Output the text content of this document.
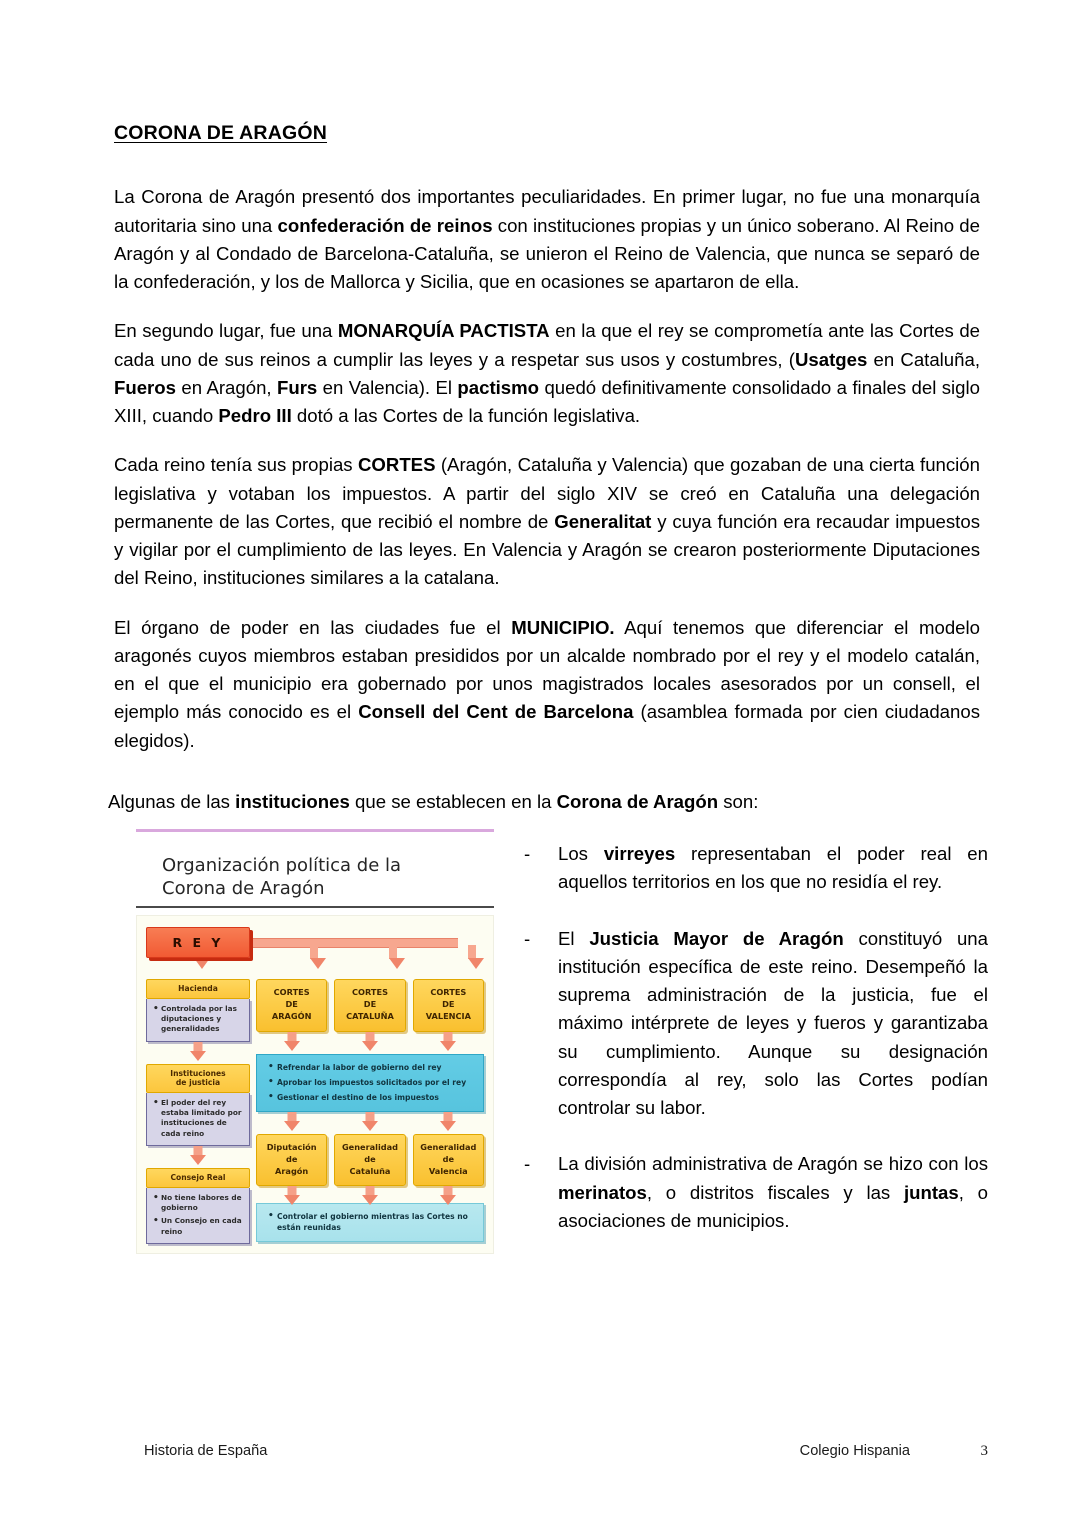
CORONA DE ARAGÓN

La Corona de Aragón presentó dos importantes peculiaridades. En primer lugar, no fue una monarquía autoritaria sino una confederación de reinos con instituciones propias y un único soberano. Al Reino de Aragón y al Condado de Barcelona-Cataluña, se unieron el Reino de Valencia, que nunca se separó de la confederación, y los de Mallorca y Sicilia, que en ocasiones se apartaron de ella.

En segundo lugar, fue una MONARQUÍA PACTISTA en la que el rey se comprometía ante las Cortes de cada uno de sus reinos a cumplir las leyes y a respetar sus usos y costumbres, (Usatges en Cataluña, Fueros en Aragón, Furs en Valencia). El pactismo quedó definitivamente consolidado a finales del siglo XIII, cuando Pedro III dotó a las Cortes de la función legislativa.

Cada reino tenía sus propias CORTES (Aragón, Cataluña y Valencia) que gozaban de una cierta función legislativa y votaban los impuestos. A partir del siglo XIV se creó en Cataluña una delegación permanente de las Cortes, que recibió el nombre de Generalitat y cuya función era recaudar impuestos y vigilar por el cumplimiento de las leyes. En Valencia y Aragón se crearon posteriormente Diputaciones del Reino, instituciones similares a la catalana.

El órgano de poder en las ciudades fue el MUNICIPIO. Aquí tenemos que diferenciar el modelo aragonés cuyos miembros estaban presididos por un alcalde nombrado por el rey y el modelo catalán, en el que el municipio era gobernado por unos magistrados locales asesorados por un consell, el ejemplo más conocido es el Consell del Cent de Barcelona (asamblea formada por cien ciudadanos elegidos).

Algunas de las instituciones que se establecen en la Corona de Aragón son:
Organización política de la
Corona de Aragón
R E Y
Hacienda
• Controlada por las diputaciones y generalidades
Instituciones
de justicia
• El poder del rey estaba limitado por instituciones de cada reino
Consejo Real
• No tiene labores de gobierno
• Un Consejo en cada reino
CORTES
DE
ARAGÓN
CORTES
DE
CATALUÑA
CORTES
DE
VALENCIA
• Refrendar la labor de gobierno del rey
• Aprobar los impuestos solicitados por el rey
• Gestionar el destino de los impuestos
Diputación
de
Aragón
Generalidad
de
Cataluña
Generalidad
de
Valencia
• Controlar el gobierno mientras las Cortes no están reunidas
-	Los virreyes representaban el poder real en aquellos territorios en los que no residía el rey.
-	El Justicia Mayor de Aragón constituyó una institución específica de este reino. Desempeñó la suprema administración de la justicia, fue el máximo intérprete de leyes y fueros y garantizaba su cumplimiento. Aunque su designación correspondía al rey, solo las Cortes podían controlar su labor.
-	La división administrativa de Aragón se hizo con los merinatos, o distritos fiscales y las juntas, o asociaciones de municipios.
Historia de España	Colegio Hispania	3
